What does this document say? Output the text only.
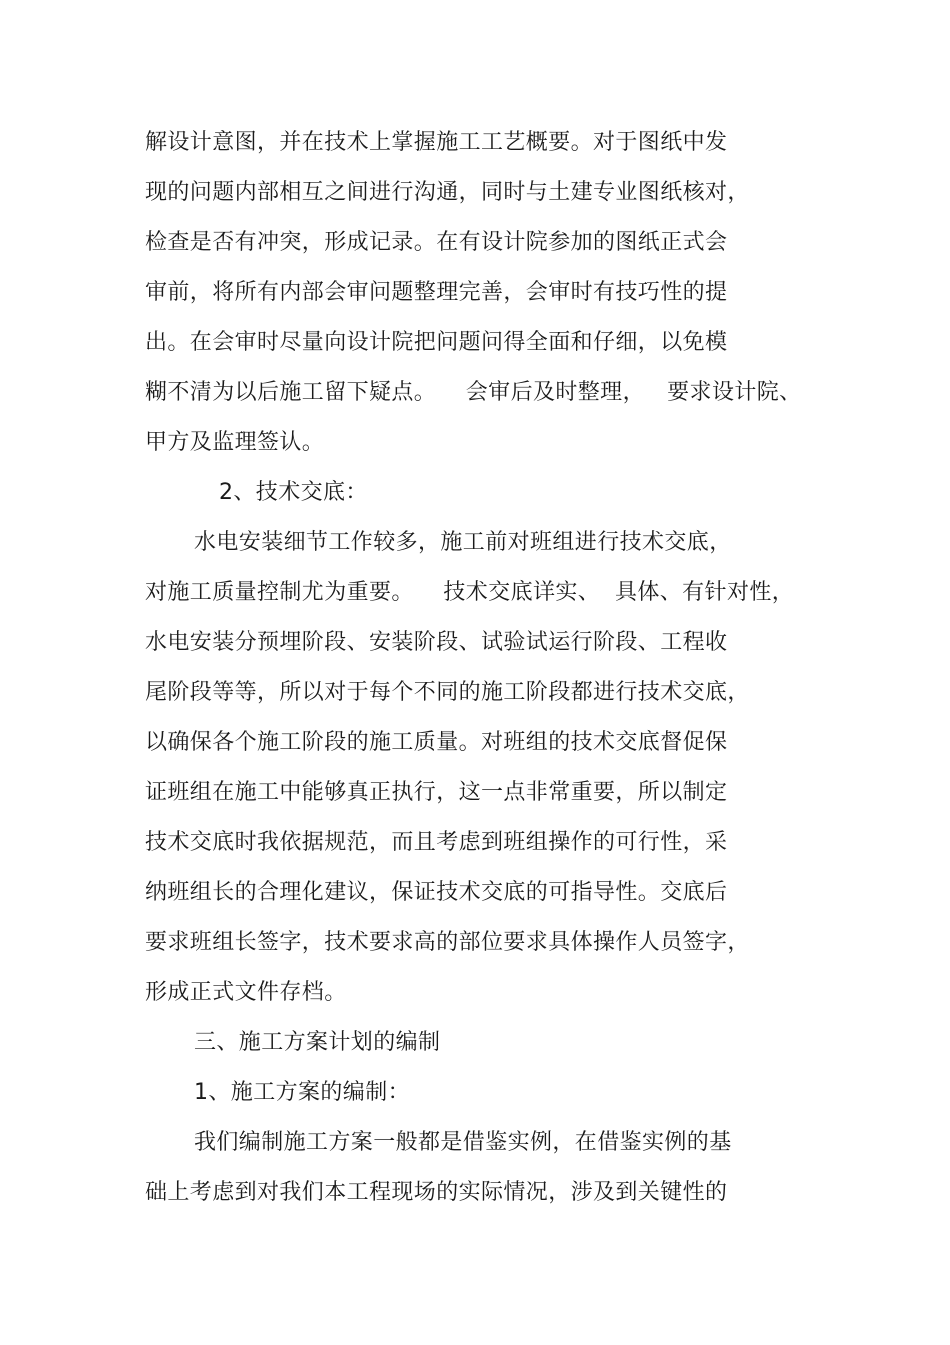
解设计意图，并在技术上掌握施工工艺概要。对于图纸中发
现的问题内部相互之间进行沟通，同时与土建专业图纸核对，
检查是否有冲突，形成记录。在有设计院参加的图纸正式会
审前，将所有内部会审问题整理完善，会审时有技巧性的提
出。在会审时尽量向设计院把问题问得全面和仔细，以免模
糊不清为以后施工留下疑点。    会审后及时整理，   要求设计院、
甲方及监理签认。
2、技术交底：
水电安装细节工作较多，施工前对班组进行技术交底，
对施工质量控制尤为重要。    技术交底详实、  具体、有针对性，
水电安装分预埋阶段、安装阶段、试验试运行阶段、工程收
尾阶段等等，所以对于每个不同的施工阶段都进行技术交底，
以确保各个施工阶段的施工质量。对班组的技术交底督促保
证班组在施工中能够真正执行，这一点非常重要，所以制定
技术交底时我依据规范，而且考虑到班组操作的可行性，采
纳班组长的合理化建议，保证技术交底的可指导性。交底后
要求班组长签字，技术要求高的部位要求具体操作人员签字，
形成正式文件存档。
三、施工方案计划的编制
1、施工方案的编制：
我们编制施工方案一般都是借鉴实例，在借鉴实例的基
础上考虑到对我们本工程现场的实际情况，涉及到关键性的
